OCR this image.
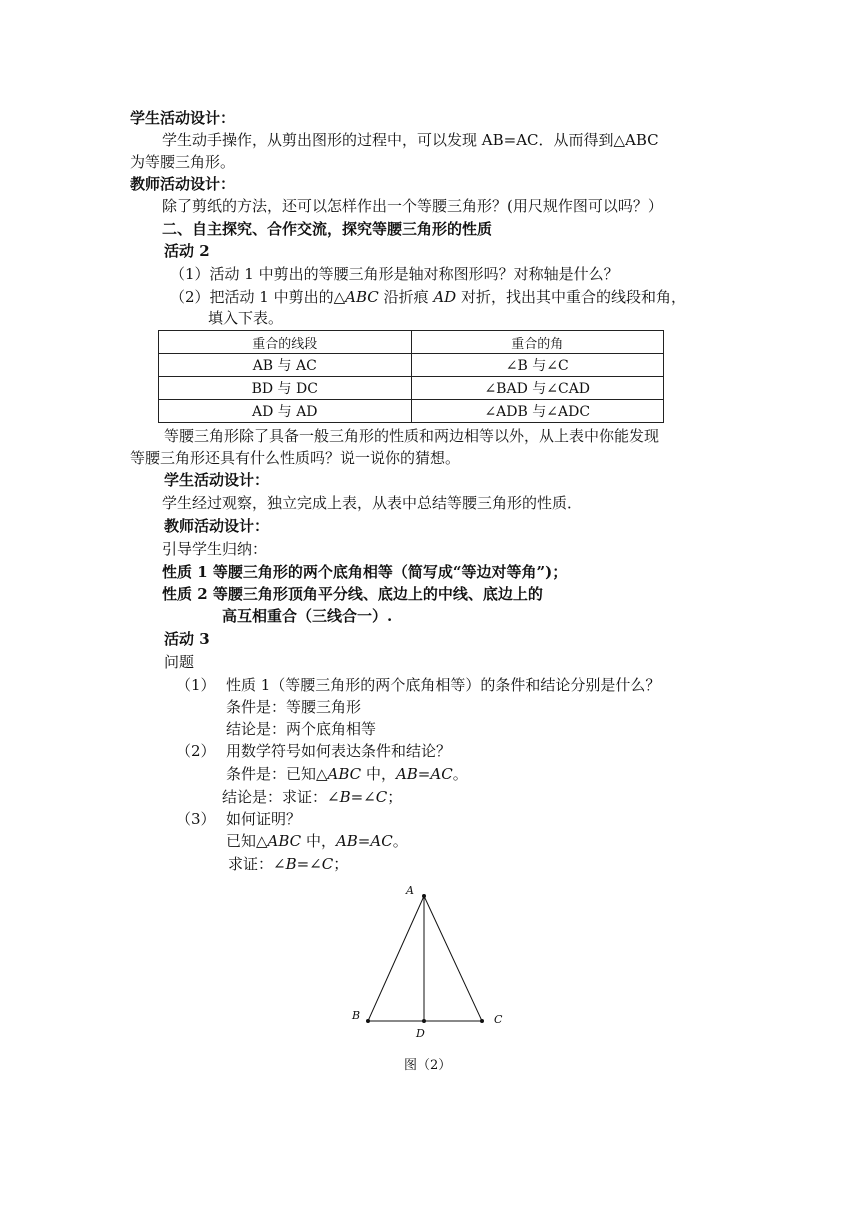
学生活动设计：
学生动手操作，从剪出图形的过程中，可以发现 AB=AC．从而得到△ABC
为等腰三角形。
教师活动设计：
除了剪纸的方法，还可以怎样作出一个等腰三角形？(用尺规作图可以吗？）
二、自主探究、合作交流，探究等腰三角形的性质
活动 2
（1）活动 1 中剪出的等腰三角形是轴对称图形吗？对称轴是什么？
（2）把活动 1 中剪出的△ABC 沿折痕 AD 对折，找出其中重合的线段和角，
填入下表。
重合的线段	重合的角
AB 与 AC	∠B 与∠C
BD 与 DC	∠BAD 与∠CAD
AD 与 AD	∠ADB 与∠ADC
等腰三角形除了具备一般三角形的性质和两边相等以外，从上表中你能发现
等腰三角形还具有什么性质吗？说一说你的猜想。
学生活动设计：
学生经过观察，独立完成上表，从表中总结等腰三角形的性质．
教师活动设计：
引导学生归纳：
性质 1 等腰三角形的两个底角相等（简写成“等边对等角”)；
性质 2 等腰三角形顶角平分线、底边上的中线、底边上的
高互相重合（三线合一）.
活动 3
问题
（1） 性质 1（等腰三角形的两个底角相等）的条件和结论分别是什么？
条件是：等腰三角形
结论是：两个底角相等
（2） 用数学符号如何表达条件和结论？
条件是：已知△ABC 中，AB=AC。
结论是：求证：∠B=∠C；
（3） 如何证明？
已知△ABC 中，AB=AC。
求证：∠B=∠C；
A
B	C
D
图（2）
